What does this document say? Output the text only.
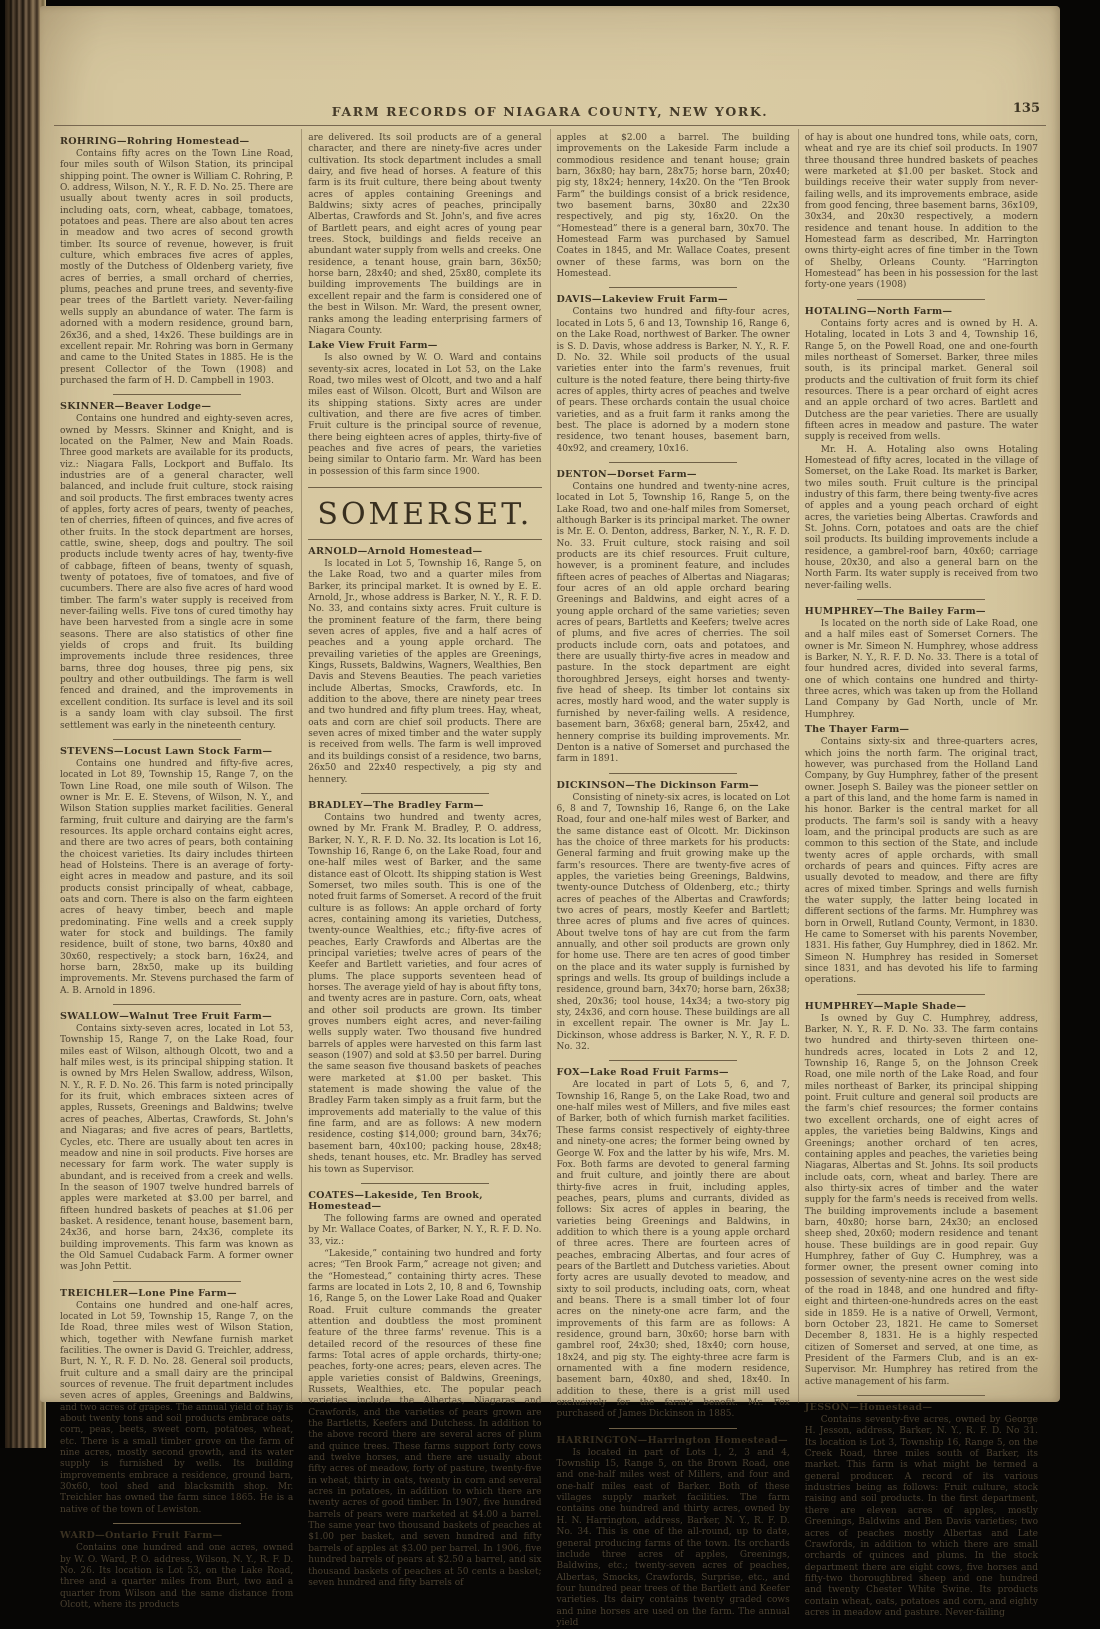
FARM RECORDS OF NIAGARA COUNTY, NEW YORK.	135
ROHRING—Rohring Homestead—

Contains fifty acres on the Town Line Road, four miles south of Wilson Station, its principal shipping point. The owner is William C. Rohring, P. O. address, Wilson, N. Y., R. F. D. No. 25. There are usually about twenty acres in soil products, including oats, corn, wheat, cabbage, tomatoes, potatoes and peas. There are also about ten acres in meadow and two acres of second growth timber. Its source of revenue, however, is fruit culture, which embraces five acres of apples, mostly of the Dutchess of Oldenberg variety, five acres of berries, a small orchard of cherries, plums, peaches and prune trees, and seventy-five pear trees of the Bartlett variety. Never-failing wells supply an abundance of water. The farm is adorned with a modern residence, ground barn, 26x36, and a shed, 14x26. These buildings are in excellent repair. Mr. Rohring was born in Germany and came to the United States in 1885. He is the present Collector of the Town (1908) and purchased the farm of H. D. Campbell in 1903.

SKINNER—Beaver Lodge—

Contains one hundred and eighty-seven acres, owned by Messrs. Skinner and Knight, and is located on the Palmer, New and Main Roads. Three good markets are available for its products, viz.: Niagara Falls, Lockport and Buffalo. Its industries are of a general character, well balanced, and include fruit culture, stock raising and soil products. The first embraces twenty acres of apples, forty acres of pears, twenty of peaches, ten of cherries, fifteen of quinces, and five acres of other fruits. In the stock department are horses, cattle, swine, sheep, dogs and poultry. The soil products include twenty acres of hay, twenty-five of cabbage, fifteen of beans, twenty of squash, twenty of potatoes, five of tomatoes, and five of cucumbers. There are also five acres of hard wood timber. The farm's water supply is received from never-failing wells. Five tons of cured timothy hay have been harvested from a single acre in some seasons. There are also statistics of other fine yields of crops and fruit. Its building improvements include three residences, three barns, three dog houses, three pig pens, six poultry and other outbuildings. The farm is well fenced and drained, and the improvements in excellent condition. Its surface is level and its soil is a sandy loam with clay subsoil. The first settlement was early in the nineteenth century.

STEVENS—Locust Lawn Stock Farm—

Contains one hundred and fifty-five acres, located in Lot 89, Township 15, Range 7, on the Town Line Road, one mile south of Wilson. The owner is Mr. E. E. Stevens, of Wilson, N. Y., and Wilson Station supplies market facilities. General farming, fruit culture and dairying are the farm's resources. Its apple orchard contains eight acres, and there are two acres of pears, both containing the choicest varieties. Its dairy includes thirteen head of Holsteins. There is an average of forty-eight acres in meadow and pasture, and its soil products consist principally of wheat, cabbage, oats and corn. There is also on the farm eighteen acres of heavy timber, beech and maple predominating. Fine wells and a creek supply water for stock and buildings. The family residence, built of stone, two barns, 40x80 and 30x60, respectively; a stock barn, 16x24, and horse barn, 28x50, make up its building improvements. Mr. Stevens purchased the farm of A. B. Arnold in 1896.

SWALLOW—Walnut Tree Fruit Farm—

Contains sixty-seven acres, located in Lot 53, Township 15, Range 7, on the Lake Road, four miles east of Wilson, although Olcott, two and a half miles west, is its principal shipping station. It is owned by Mrs Helen Swallow, address, Wilson, N. Y., R. F. D. No. 26. This farm is noted principally for its fruit, which embraces sixteen acres of apples, Russets, Greenings and Baldwins; twelve acres of peaches, Albertas, Crawfords, St. John's and Niagaras; and five acres of pears, Bartletts, Cycles, etc. There are usually about ten acres in meadow and nine in soil products. Five horses are necessary for farm work. The water supply is abundant, and is received from a creek and wells. In the season of 1907 twelve hundred barrels of apples were marketed at $3.00 per barrel, and fifteen hundred baskets of peaches at $1.06 per basket. A residence, tenant house, basement barn, 24x36, and horse barn, 24x36, complete its building improvements. This farm was known as the Old Samuel Cudaback Farm. A former owner was John Pettit.

TREICHLER—Lone Pine Farm—

Contains one hundred and one-half acres, located in Lot 59, Township 15, Range 7, on the Ide Road, three miles west of Wilson Station, which, together with Newfane furnish market facilities. The owner is David G. Treichler, address, Burt, N. Y., R. F. D. No. 28. General soil products, fruit culture and a small dairy are the principal sources of revenue. The fruit department includes seven acres of apples, Greenings and Baldwins, and two acres of grapes. The annual yield of hay is about twenty tons and soil products embrace oats, corn, peas, beets, sweet corn, potatoes, wheat, etc. There is a small timber grove on the farm of nine acres, mostly second growth, and its water supply is furnished by wells. Its building improvements embrace a residence, ground barn, 30x60, tool shed and blacksmith shop. Mr. Treichler has owned the farm since 1865. He is a native of the town of Lewiston.

WARD—Ontario Fruit Farm—

Contains one hundred and one acres, owned by W. O. Ward, P. O. address, Wilson, N. Y., R. F. D. No. 26. Its location is Lot 53, on the Lake Road, three and a quarter miles from Burt, two and a quarter from Wilson and the same distance from Olcott, where its products

are delivered. Its soil products are of a general character, and there are ninety-five acres under cultivation. Its stock department includes a small dairy, and five head of horses. A feature of this farm is its fruit culture, there being about twenty acres of apples containing Greenings and Baldwins; sixty acres of peaches, principally Albertas, Crawfords and St. John's, and five acres of Bartlett pears, and eight acres of young pear trees. Stock, buildings and fields receive an abundant water supply from wells and creeks. One residence, a tenant house, grain barn, 36x50; horse barn, 28x40; and shed, 25x80, complete its building improvements The buildings are in excellent repair and the farm is considered one of the best in Wilson. Mr. Ward, the present owner, ranks among the leading enterprising farmers of Niagara County.

Lake View Fruit Farm—

Is also owned by W. O. Ward and contains seventy-six acres, located in Lot 53, on the Lake Road, two miles west of Olcott, and two and a half miles east of Wilson. Olcott, Burt and Wilson are its shipping stations. Sixty acres are under cultivation, and there are five acres of timber. Fruit culture is the principal source of revenue, there being eighteen acres of apples, thirty-five of peaches and five acres of pears, the varieties being similar to Ontario farm. Mr. Ward has been in possession of this farm since 1900.

SOMERSET.
ARNOLD—Arnold Homestead—

Is located in Lot 5, Township 16, Range 5, on the Lake Road, two and a quarter miles from Barker, its principal market. It is owned by E. E. Arnold, Jr., whose address is Barker, N. Y., R. F. D. No. 33, and contains sixty acres. Fruit culture is the prominent feature of the farm, there being seven acres of apples, five and a half acres of peaches and a young apple orchard. The prevailing varieties of the apples are Greenings, Kings, Russets, Baldwins, Wagners, Wealthies, Ben Davis and Stevens Beauties. The peach varieties include Albertas, Smocks, Crawfords, etc. In addition to the above, there are ninety pear trees and two hundred and fifty plum trees. Hay, wheat, oats and corn are chief soil products. There are seven acres of mixed timber and the water supply is received from wells. The farm is well improved and its buildings consist of a residence, two barns, 26x50 and 22x40 respectively, a pig sty and hennery.

BRADLEY—The Bradley Farm—

Contains two hundred and twenty acres, owned by Mr. Frank M. Bradley, P. O. address, Barker, N. Y., R. F. D. No. 32. Its location is Lot 16, Township 16, Range 6, on the Lake Road, four and one-half miles west of Barker, and the same distance east of Olcott. Its shipping station is West Somerset, two miles south. This is one of the noted fruit farms of Somerset. A record of the fruit culture is as follows: An apple orchard of forty acres, containing among its varieties, Dutchess, twenty-ounce Wealthies, etc.; fifty-five acres of peaches, Early Crawfords and Albertas are the principal varieties; twelve acres of pears of the Keefer and Bartlett varieties, and four acres of plums. The place supports seventeen head of horses. The average yield of hay is about fifty tons, and twenty acres are in pasture. Corn, oats, wheat and other soil products are grown. Its timber groves numbers eight acres, and never-failing wells supply water. Two thousand five hundred barrels of apples were harvested on this farm last season (1907) and sold at $3.50 per barrel. During the same season five thousand baskets of peaches were marketed at $1.00 per basket. This statement is made showing the value of the Bradley Farm taken simply as a fruit farm, but the improvements add materially to the value of this fine farm, and are as follows: A new modern residence, costing $14,000; ground barn, 34x76; basement barn, 40x100; packing house, 28x48; sheds, tenant houses, etc. Mr. Bradley has served his town as Supervisor.

COATES—Lakeside, Ten Brook, Homestead—

The following farms are owned and operated by Mr. Wallace Coates, of Barker, N. Y., R. F. D. No. 33, viz.:

“Lakeside,” containing two hundred and forty acres; “Ten Brook Farm,” acreage not given; and the “Homestead,” containing thirty acres. These farms are located in Lots 2, 10, 8 and 6, Township 16, Range 5, on the Lower Lake Road and Quaker Road. Fruit culture commands the greater attention and doubtless the most prominent feature of the three farms' revenue. This is a detailed record of the resources of these fine farms: Total acres of apple orchards, thirty-one; peaches, forty-one acres; pears, eleven acres. The apple varieties consist of Baldwins, Greenings, Russets, Wealthies, etc. The popular peach varieties include the Albertas, Niagaras and Crawfords, and the varieties of pears grown are the Bartletts, Keefers and Dutchess. In addition to the above record there are several acres of plum and quince trees. These farms support forty cows and twelve horses, and there are usually about fifty acres of meadow, forty of pasture, twenty-five in wheat, thirty in oats, twenty in corn and several acres in potatoes, in addition to which there are twenty acres of good timber. In 1907, five hundred barrels of pears were marketed at $4.00 a barrel. The same year two thousand baskets of peaches at $1.00 per basket, and seven hundred and fifty barrels of apples at $3.00 per barrel. In 1906, five hundred barrels of pears at $2.50 a barrel, and six thousand baskets of peaches at 50 cents a basket; seven hundred and fifty barrels of

apples at $2.00 a barrel. The building improvements on the Lakeside Farm include a commodious residence and tenant house; grain barn, 36x80; hay barn, 28x75; horse barn, 20x40; pig sty, 18x24; hennery, 14x20. On the “Ten Brook Farm” the buildings consist of a brick residence, two basement barns, 30x80 and 22x30 respectively, and pig sty, 16x20. On the “Homestead” there is a general barn, 30x70. The Homestead Farm was purchased by Samuel Coates in 1845, and Mr. Wallace Coates, present owner of these farms, was born on the Homestead.

DAVIS—Lakeview Fruit Farm—

Contains two hundred and fifty-four acres, located in Lots 5, 6 and 13, Township 16, Range 6, on the Lake Road, northwest of Barker. The owner is S. D. Davis, whose address is Barker, N. Y., R. F. D. No. 32. While soil products of the usual varieties enter into the farm's revenues, fruit culture is the noted feature, there being thirty-five acres of apples, thirty acres of peaches and twelve of pears. These orchards contain the usual choice varieties, and as a fruit farm it ranks among the best. The place is adorned by a modern stone residence, two tenant houses, basement barn, 40x92, and creamery, 10x16.

DENTON—Dorset Farm—

Contains one hundred and twenty-nine acres, located in Lot 5, Township 16, Range 5, on the Lake Road, two and one-half miles from Somerset, although Barker is its principal market. The owner is Mr. E. O. Denton, address, Barker, N. Y., R. F. D. No. 33. Fruit culture, stock raising and soil products are its chief resources. Fruit culture, however, is a prominent feature, and includes fifteen acres of peaches of Albertas and Niagaras; four acres of an old apple orchard bearing Greenings and Baldwins, and eight acres of a young apple orchard of the same varieties; seven acres of pears, Bartletts and Keefers; twelve acres of plums, and five acres of cherries. The soil products include corn, oats and potatoes, and there are usually thirty-five acres in meadow and pasture. In the stock department are eight thoroughbred Jerseys, eight horses and twenty-five head of sheep. Its timber lot contains six acres, mostly hard wood, and the water supply is furnished by never-failing wells. A residence, basement barn, 36x68; general barn, 25x42, and hennery comprise its building improvements. Mr. Denton is a native of Somerset and purchased the farm in 1891.

DICKINSON—The Dickinson Farm—

Consisting of ninety-six acres, is located on Lot 6, 8 and 7, Township 16, Range 6, on the Lake Road, four and one-half miles west of Barker, and the same distance east of Olcott. Mr. Dickinson has the choice of three markets for his products: General farming and fruit growing make up the farm's resources. There are twenty-five acres of apples, the varieties being Greenings, Baldwins, twenty-ounce Dutchess of Oldenberg, etc.; thirty acres of peaches of the Albertas and Crawfords; two acres of pears, mostly Keefer and Bartlett; three acres of plums and five acres of quinces. About twelve tons of hay are cut from the farm annually, and other soil products are grown only for home use. There are ten acres of good timber on the place and its water supply is furnished by springs and wells. Its group of buildings include a residence, ground barn, 34x70; horse barn, 26x38; shed, 20x36; tool house, 14x34; a two-story pig sty, 24x36, and corn house. These buildings are all in excellent repair. The owner is Mr. Jay L. Dickinson, whose address is Barker, N. Y., R. F. D. No. 32.

FOX—Lake Road Fruit Farms—

Are located in part of Lots 5, 6, and 7, Township 16, Range 5, on the Lake Road, two and one-half miles west of Millers, and five miles east of Barker, both of which furnish market facilities. These farms consist respectively of eighty-three and ninety-one acres; the former being owned by George W. Fox and the latter by his wife, Mrs. M. Fox. Both farms are devoted to general farming and fruit culture, and jointly there are about thirty-five acres in fruit, including apples, peaches, pears, plums and currants, divided as follows: Six acres of apples in bearing, the varieties being Greenings and Baldwins, in addition to which there is a young apple orchard of three acres. There are fourteen acres of peaches, embracing Albertas, and four acres of pears of the Bartlett and Dutchess varieties. About forty acres are usually devoted to meadow, and sixty to soil products, including oats, corn, wheat and beans. There is a small timber lot of four acres on the ninety-one acre farm, and the improvements of this farm are as follows: A residence, ground barn, 30x60; horse barn with gambrel roof, 24x30; shed, 18x40; corn house, 18x24, and pig sty. The eighty-three acre farm is ornamented with a fine modern residence, basement barn, 40x80, and shed, 18x40. In addition to these, there is a grist mill used exclusively for the farm's benefit. Mr. Fox purchased of James Dickinson in 1885.

HARRINGTON—Harrington Homestead—

Is located in part of Lots 1, 2, 3 and 4, Township 15, Range 5, on the Brown Road, one and one-half miles west of Millers, and four and one-half miles east of Barker. Both of these villages supply market facilities. The farm contains one hundred and thirty acres, owned by H. N. Harrington, address, Barker, N. Y., R. F. D. No. 34. This is one of the all-round, up to date, general producing farms of the town. Its orchards include three acres of apples, Greenings, Baldwins, etc.; twenty-seven acres of peaches, Albertas, Smocks, Crawfords, Surprise, etc., and four hundred pear trees of the Bartlett and Keefer varieties. Its dairy contains twenty graded cows and nine horses are used on the farm. The annual yield

of hay is about one hundred tons, while oats, corn, wheat and rye are its chief soil products. In 1907 three thousand three hundred baskets of peaches were marketed at $1.00 per basket. Stock and buildings receive their water supply from never-failing wells, and its improvements embrace, aside from good fencing, three basement barns, 36x109, 30x34, and 20x30 respectively, a modern residence and tenant house. In addition to the Homestead farm as described, Mr. Harrington owns thirty-eight acres of fine timber in the Town of Shelby, Orleans County. “Harrington Homestead” has been in his possession for the last forty-one years (1908)

HOTALING—North Farm—

Contains forty acres and is owned by H. A. Hotaling, located in Lots 3 and 4, Township 16, Range 5, on the Powell Road, one and one-fourth miles northeast of Somerset. Barker, three miles south, is its principal market. General soil products and the cultivation of fruit form its chief resources. There is a pear orchard of eight acres and an apple orchard of two acres. Bartlett and Dutchess are the pear varieties. There are usually fifteen acres in meadow and pasture. The water supply is received from wells.

Mr. H. A. Hotaling also owns Hotaling Homestead of fifty acres, located in the village of Somerset, on the Lake Road. Its market is Barker, two miles south. Fruit culture is the principal industry of this farm, there being twenty-five acres of apples and a young peach orchard of eight acres, the varieties being Albertas. Crawfords and St. Johns. Corn, potatoes and oats are the chief soil products. Its building improvements include a residence, a gambrel-roof barn, 40x60; carriage house, 20x30, and also a general barn on the North Farm. Its water supply is received from two never-failing wells.

HUMPHREY—The Bailey Farm—

Is located on the north side of Lake Road, one and a half miles east of Somerset Corners. The owner is Mr. Simeon N. Humphrey, whose address is Barker, N. Y., R. F. D. No. 33. There is a total of four hundred acres, divided into several farms, one of which contains one hundred and thirty-three acres, which was taken up from the Holland Land Company by Gad North, uncle of Mr. Humphrey.

The Thayer Farm—

Contains sixty-six and three-quarters acres, which joins the north farm. The original tract, however, was purchased from the Holland Land Company, by Guy Humphrey, father of the present owner. Joseph S. Bailey was the pioneer settler on a part of this land, and the home farm is named in his honor. Barker is the central market for all products. The farm's soil is sandy with a heavy loam, and the principal products are such as are common to this section of the State, and include twenty acres of apple orchards, with small orchards of pears and quinces. Fifty acres are usually devoted to meadow, and there are fifty acres of mixed timber. Springs and wells furnish the water supply, the latter being located in different sections of the farms. Mr. Humphrey was born in Orwell, Rutland County, Vermont, in 1830. He came to Somerset with his parents November, 1831. His father, Guy Humphrey, died in 1862. Mr. Simeon N. Humphrey has resided in Somerset since 1831, and has devoted his life to farming operations.

HUMPHREY—Maple Shade—

Is owned by Guy C. Humphrey, address, Barker, N. Y., R. F. D. No. 33. The farm contains two hundred and thirty-seven thirteen one-hundreds acres, located in Lots 2 and 12, Township 16, Range 5, on the Johnson Creek Road, one mile north of the Lake Road, and four miles northeast of Barker, its principal shipping point. Fruit culture and general soil products are the farm's chief resources; the former contains two excellent orchards, one of eight acres of apples, the varieties being Baldwins, Kings and Greenings; another orchard of ten acres, containing apples and peaches, the varieties being Niagaras, Albertas and St. Johns. Its soil products include oats, corn, wheat and barley. There are also thirty-six acres of timber and the water supply for the farm's needs is received from wells. The building improvements include a basement barn, 40x80; horse barn, 24x30; an enclosed sheep shed, 20x60; modern residence and tenant house. These buildings are in good repair. Guy Humphrey, father of Guy C. Humphrey, was a former owner, the present owner coming into possession of seventy-nine acres on the west side of the road in 1848, and one hundred and fifty-eight and thirteen-one-hundreds acres on the east side in 1859. He is a native of Orwell, Vermont, born October 23, 1821. He came to Somerset December 8, 1831. He is a highly respected citizen of Somerset and served, at one time, as President of the Farmers Club, and is an ex-Supervisor. Mr. Humphrey has retired from the active management of his farm.

JESSON—Homestead—

Contains seventy-five acres, owned by George H. Jesson, address, Barker, N. Y., R. F. D. No 31. Its location is Lot 3, Township 16, Range 5, on the Creek Road, three miles south of Barker, its market. This farm is what might be termed a general producer. A record of its various industries being as follows: Fruit culture, stock raising and soil products. In the first department, there are eleven acres of apples, mostly Greenings, Baldwins and Ben Davis varieties; two acres of peaches mostly Albertas and Late Crawfords, in addition to which there are small orchards of quinces and plums. In the stock department there are eight cows, five horses and fifty-two thoroughbred sheep and one hundred and twenty Chester White Swine. Its products contain wheat, oats, potatoes and corn, and eighty acres in meadow and pasture. Never-failing
